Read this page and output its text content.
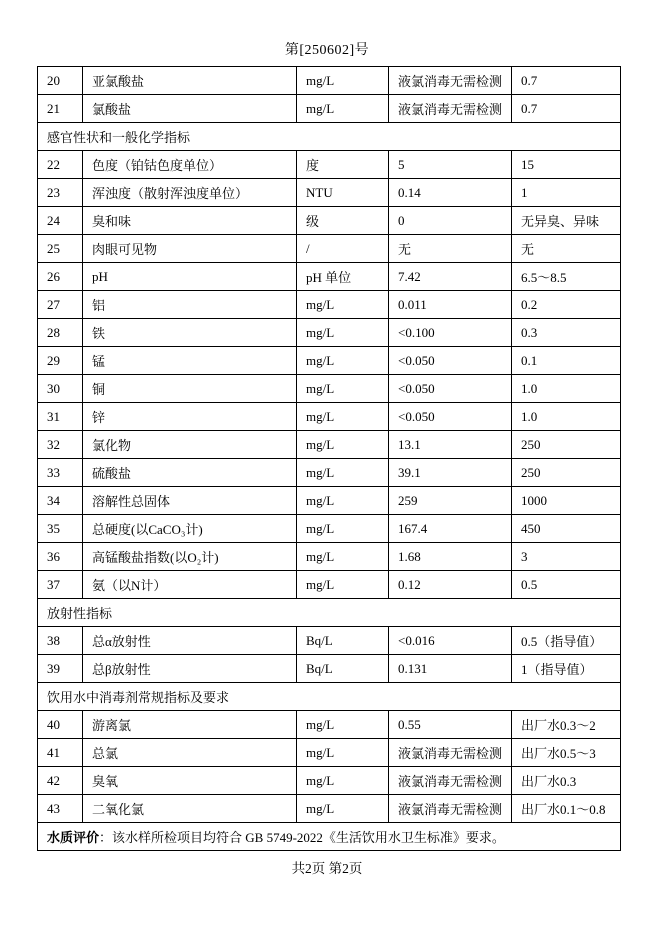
第[250602]号
20	亚氯酸盐	mg/L	液氯消毒无需检测	0.7
21	氯酸盐	mg/L	液氯消毒无需检测	0.7
感官性状和一般化学指标				
22	色度（铂钴色度单位）	度	5	15
23	浑浊度（散射浑浊度单位）	NTU	0.14	1
24	臭和味	级	0	无异臭、异味
25	肉眼可见物	/	无	无
26	pH	pH 单位	7.42	6.5～8.5
27	铝	mg/L	0.011	0.2
28	铁	mg/L	<0.100	0.3
29	锰	mg/L	<0.050	0.1
30	铜	mg/L	<0.050	1.0
31	锌	mg/L	<0.050	1.0
32	氯化物	mg/L	13.1	250
33	硫酸盐	mg/L	39.1	250
34	溶解性总固体	mg/L	259	1000
35	总硬度(以CaCO₃计)	mg/L	167.4	450
36	高锰酸盐指数(以O₂计)	mg/L	1.68	3
37	氨（以N计）	mg/L	0.12	0.5
放射性指标				
38	总α放射性	Bq/L	<0.016	0.5（指导值）
39	总β放射性	Bq/L	0.131	1（指导值）
饮用水中消毒剂常规指标及要求				
40	游离氯	mg/L	0.55	出厂水0.3～2
41	总氯	mg/L	液氯消毒无需检测	出厂水0.5～3
42	臭氧	mg/L	液氯消毒无需检测	出厂水0.3
43	二氧化氯	mg/L	液氯消毒无需检测	出厂水0.1～0.8
水质评价：该水样所检项目均符合 GB 5749-2022《生活饮用水卫生标准》要求。				
共2页 第2页
